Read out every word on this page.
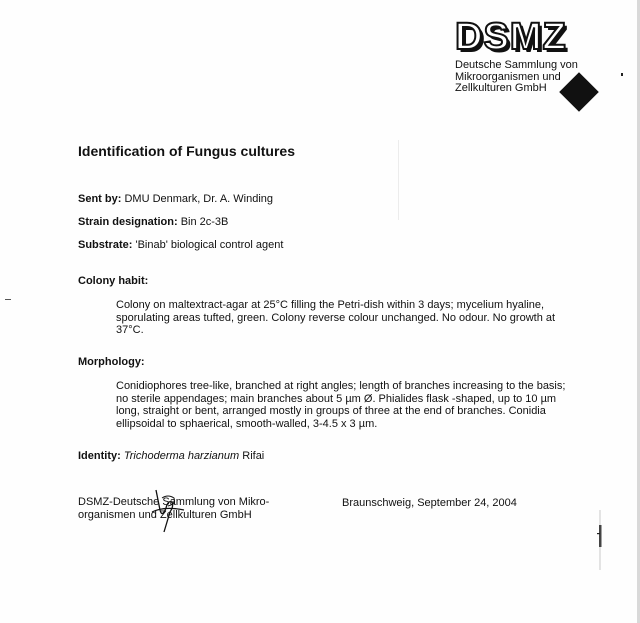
DSMZ
Deutsche Sammlung von
Mikroorganismen und
Zellkulturen GmbH
Identification of Fungus cultures
Sent by: DMU Denmark, Dr. A. Winding
Strain designation: Bin 2c-3B
Substrate: 'Binab' biological control agent
Colony habit:
Colony on maltextract-agar at 25°C filling the Petri-dish within 3 days; mycelium hyaline,
sporulating areas tufted, green. Colony reverse colour unchanged. No odour. No growth at
37°C.
Morphology:
Conidiophores tree-like, branched at right angles; length of branches increasing to the basis;
no sterile appendages; main branches about 5 µm Ø. Phialides flask -shaped, up to 10 µm
long, straight or bent, arranged mostly in groups of three at the end of branches. Conidia
ellipsoidal to sphaerical, smooth-walled, 3-4.5 x 3 µm.
Identity: Trichoderma harzianum Rifai
DSMZ-Deutsche Sammlung von Mikro-
organismen und Zellkulturen GmbH
Braunschweig, September 24, 2004
